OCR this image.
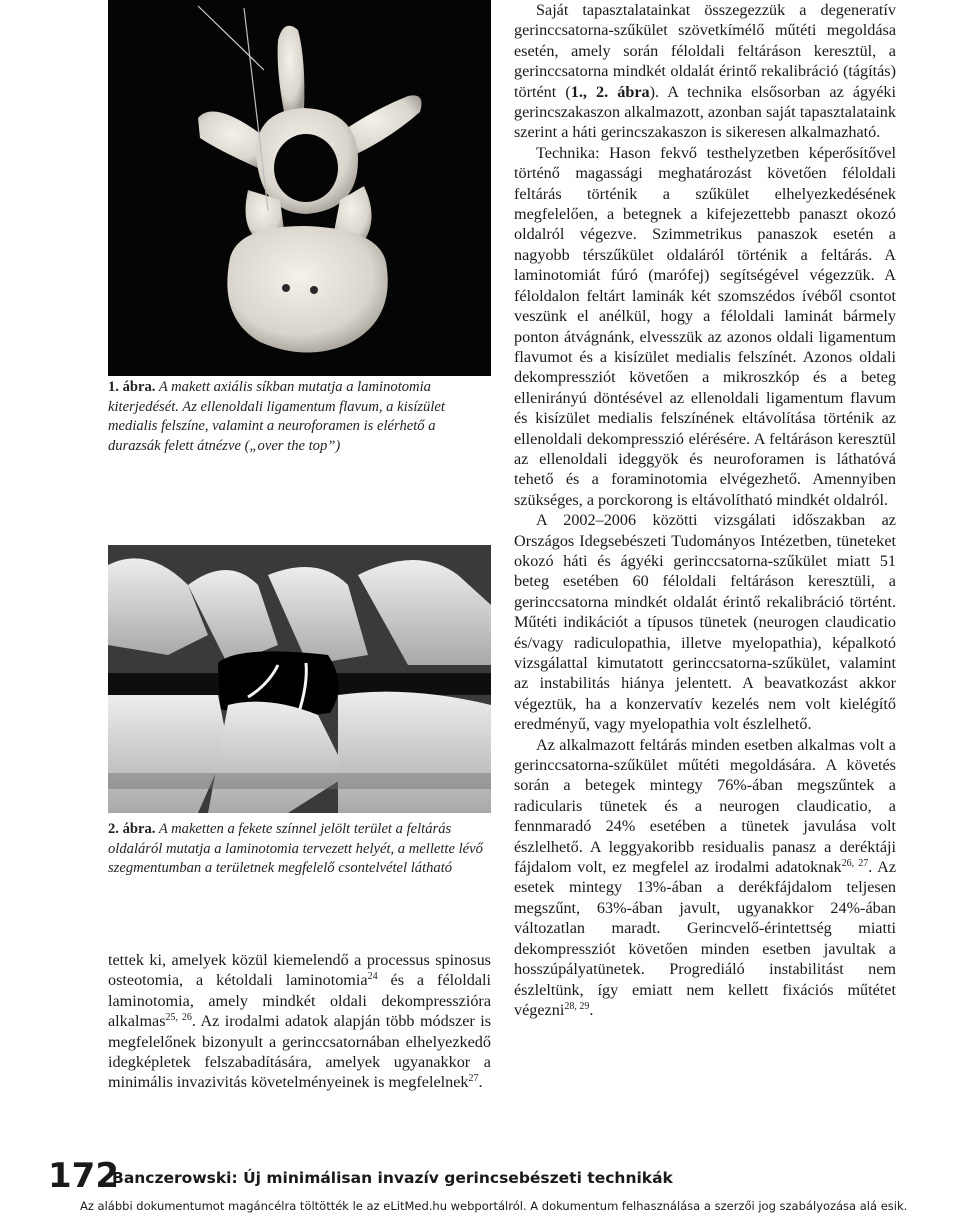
1. ábra. A makett axiális síkban mutatja a laminotomia kiterjedését. Az ellenoldali ligamentum flavum, a kisízület medialis felszíne, valamint a neuroforamen is elérhető a durazsák felett átnézve („over the top”)
2. ábra. A maketten a fekete színnel jelölt terület a feltárás oldaláról mutatja a laminotomia tervezett helyét, a mellette lévő szegmentumban a területnek megfelelő csontelvétel látható

tettek ki, amelyek közül kiemelendő a processus spinosus osteotomia, a kétoldali laminotomia$^{24}$ és a féloldali laminotomia, amely mindkét oldali dekompresszióra alkalmas$^{25, 26}$. Az irodalmi adatok alapján több módszer is megfelelőnek bizonyult a gerinccsatornában elhelyezkedő idegképletek felszabadítására, amelyek ugyanakkor a minimális invazivitás követelményeinek is megfelelnek$^{27}$.

Saját tapasztalatainkat összegezzük a degeneratív gerinccsatorna-szűkület szövetkímélő műtéti megoldása esetén, amely során féloldali feltáráson keresztül, a gerinccsatorna mindkét oldalát érintő rekalibráció (tágítás) történt (1., 2. ábra). A technika elsősorban az ágyéki gerincszakaszon alkalmazott, azonban saját tapasztalataink szerint a háti gerincszakaszon is sikeresen alkalmazható.

Technika: Hason fekvő testhelyzetben képerősítővel történő magassági meghatározást követően féloldali feltárás történik a szűkület elhelyezkedésének megfelelően, a betegnek a kifejezettebb panaszt okozó oldalról végezve. Szimmetrikus panaszok esetén a nagyobb térszűkület oldaláról történik a feltárás. A laminotomiát fúró (marófej) segítségével végezzük. A féloldalon feltárt laminák két szomszédos ívéből csontot veszünk el anélkül, hogy a féloldali laminát bármely ponton átvágnánk, elvesszük az azonos oldali ligamentum flavumot és a kisízület medialis felszínét. Azonos oldali dekompressziót követően a mikroszkóp és a beteg ellenirányú döntésével az ellenoldali ligamentum flavum és kisízület medialis felszínének eltávolítása történik az ellenoldali dekompresszió elérésére. A feltáráson keresztül az ellenoldali ideggyök és neuroforamen is láthatóvá tehető és a foraminotomia elvégezhető. Amennyiben szükséges, a porckorong is eltávolítható mindkét oldalról.

A 2002–2006 közötti vizsgálati időszakban az Országos Idegsebészeti Tudományos Intézetben, tüneteket okozó háti és ágyéki gerinccsatorna-szűkület miatt 51 beteg esetében 60 féloldali feltáráson keresztüli, a gerinccsatorna mindkét oldalát érintő rekalibráció történt. Műtéti indikációt a típusos tünetek (neurogen claudicatio és/vagy radiculopathia, illetve myelopathia), képalkotó vizsgálattal kimutatott gerinccsatorna-szűkület, valamint az instabilitás hiánya jelentett. A beavatkozást akkor végeztük, ha a konzervatív kezelés nem volt kielégítő eredményű, vagy myelopathia volt észlelhető.

Az alkalmazott feltárás minden esetben alkalmas volt a gerinccsatorna-szűkület műtéti megoldására. A követés során a betegek mintegy 76%-ában megszűntek a radicularis tünetek és a neurogen claudicatio, a fennmaradó 24% esetében a tünetek javulása volt észlelhető. A leggyakoribb residualis panasz a deréktáji fájdalom volt, ez megfelel az irodalmi adatoknak$^{26, 27}$. Az esetek mintegy 13%-ában a derékfájdalom teljesen megszűnt, 63%-ában javult, ugyanakkor 24%-ában változatlan maradt. Gerincvelő-érintettség miatti dekompressziót követően minden esetben javultak a hosszúpályatünetek. Progrediáló instabilitást nem észleltünk, így emiatt nem kellett fixációs műtétet végezni$^{28, 29}$.

172
Banczerowski: Új minimálisan invazív gerincsebészeti technikák
Az alábbi dokumentumot magáncélra töltötték le az eLitMed.hu webportálról. A dokumentum felhasználása a szerzői jog szabályozása alá esik.
